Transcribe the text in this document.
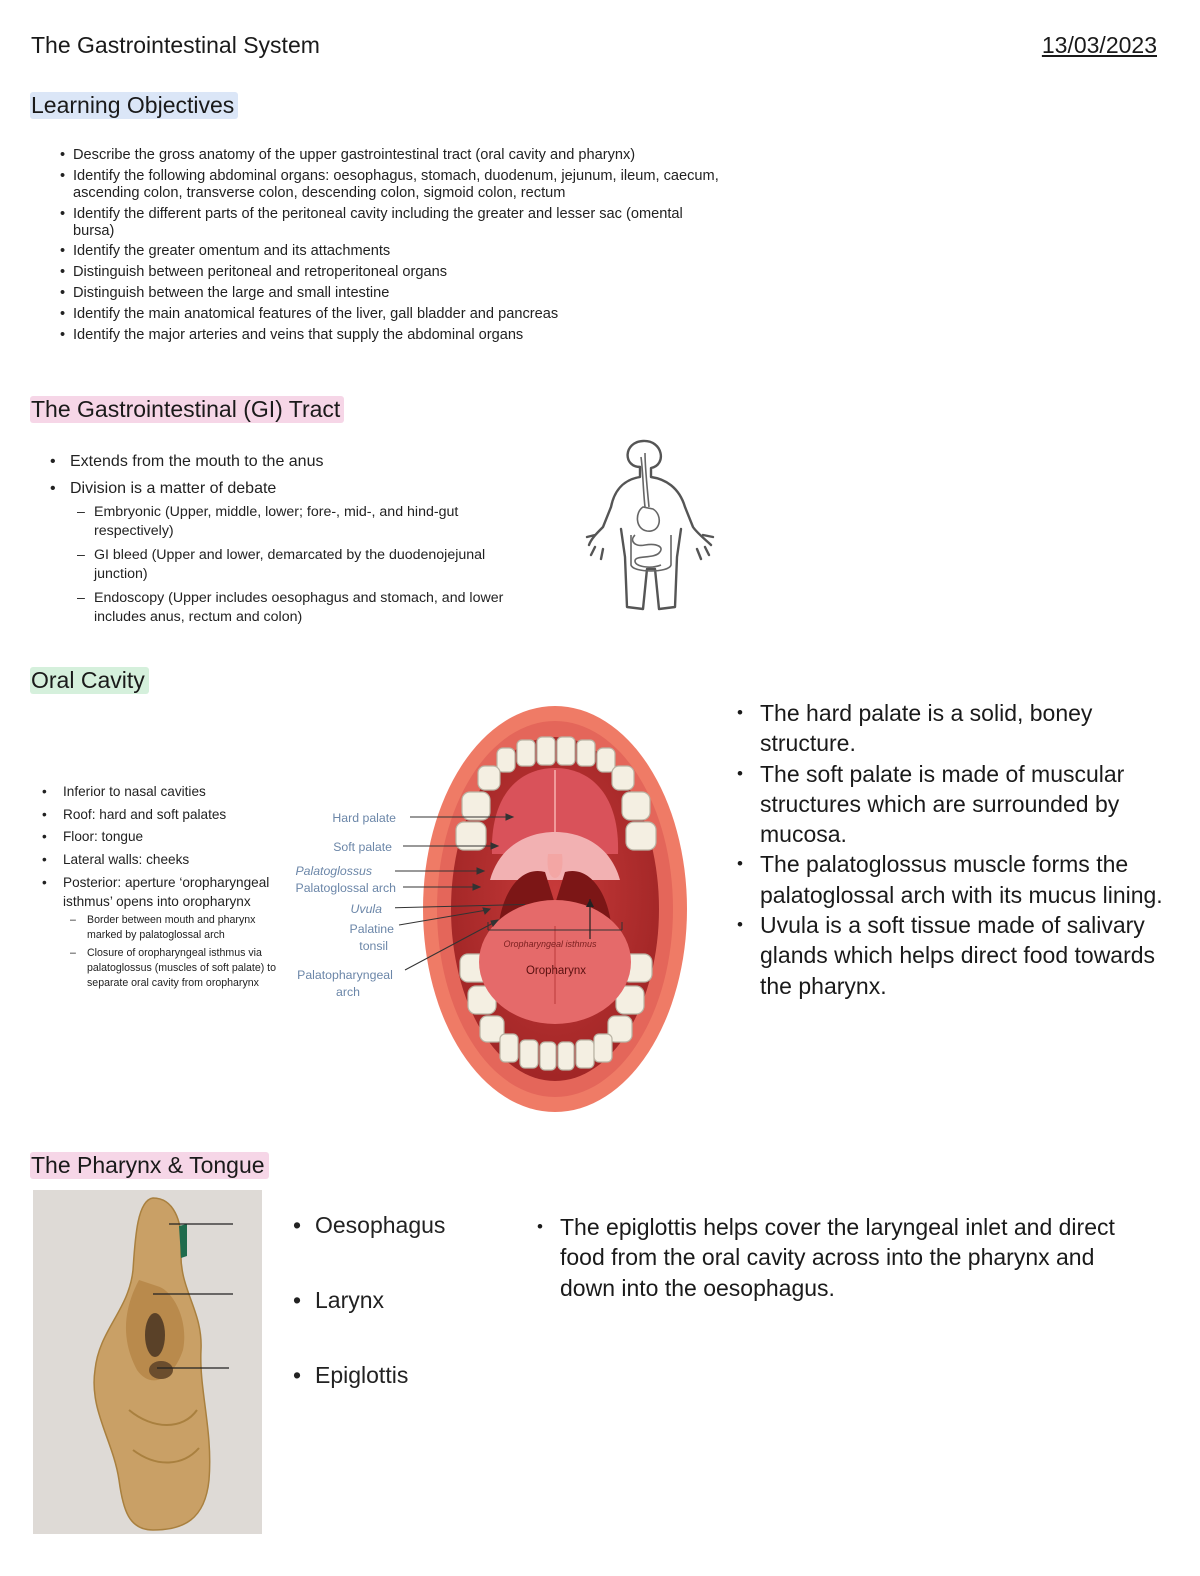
The Gastrointestinal System	13/03/2023
Learning Objectives
• Describe the gross anatomy of the upper gastrointestinal tract (oral cavity and pharynx)
• Identify the following abdominal organs: oesophagus, stomach, duodenum, jejunum, ileum, caecum, ascending colon, transverse colon, descending colon, sigmoid colon, rectum
• Identify the different parts of the peritoneal cavity including the greater and lesser sac (omental bursa)
• Identify the greater omentum and its attachments
• Distinguish between peritoneal and retroperitoneal organs
• Distinguish between the large and small intestine
• Identify the main anatomical features of the liver, gall bladder and pancreas
• Identify the major arteries and veins that supply the abdominal organs
The Gastrointestinal (GI) Tract
• Extends from the mouth to the anus
• Division is a matter of debate
– Embryonic (Upper, middle, lower; fore-, mid-, and hind-gut respectively)
– GI bleed (Upper and lower, demarcated by the duodenojejunal junction)
– Endoscopy (Upper includes oesophagus and stomach, and lower includes anus, rectum and colon)
Oral Cavity
• Inferior to nasal cavities
• Roof: hard and soft palates
• Floor: tongue
• Lateral walls: cheeks
• Posterior: aperture ‘oropharyngeal isthmus’ opens into oropharynx
– Border between mouth and pharynx marked by palatoglossal arch
– Closure of oropharyngeal isthmus via palatoglossus (muscles of soft palate) to separate oral cavity from oropharynx
Oropharyngeal isthmus
Oropharynx
Hard palate
Soft palate
Palatoglossus
Palatoglossal arch
Uvula
Palatine
tonsil
Palatopharyngeal
arch
• The hard palate is a solid, boney structure.
• The soft palate is made of muscular structures which are surrounded by mucosa.
• The palatoglossus muscle forms the palatoglossal arch with its mucus lining.
• Uvula is a soft tissue made of salivary glands which helps direct food towards the pharynx.
The Pharynx & Tongue
• Oesophagus
• Larynx
• Epiglottis
• The epiglottis helps cover the laryngeal inlet and direct food from the oral cavity across into the pharynx and down into the oesophagus.
